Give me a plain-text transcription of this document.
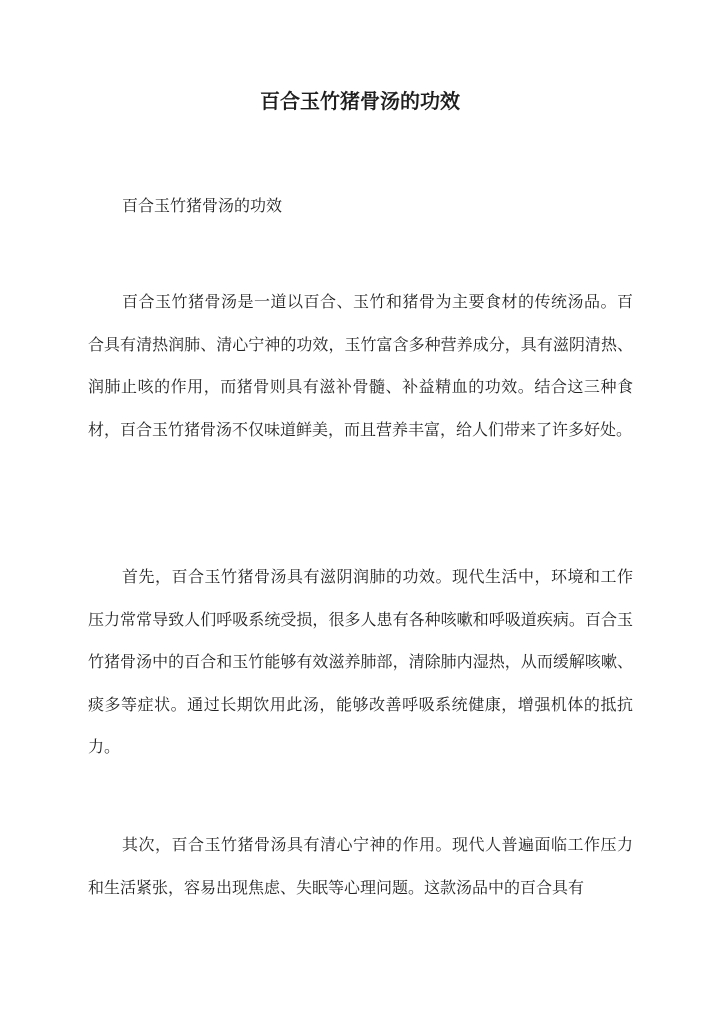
百合玉竹猪骨汤的功效

百合玉竹猪骨汤的功效

百合玉竹猪骨汤是一道以百合、玉竹和猪骨为主要食材的传统汤品。百合具有清热润肺、清心宁神的功效，玉竹富含多种营养成分，具有滋阴清热、润肺止咳的作用，而猪骨则具有滋补骨髓、补益精血的功效。结合这三种食材，百合玉竹猪骨汤不仅味道鲜美，而且营养丰富，给人们带来了许多好处。

首先，百合玉竹猪骨汤具有滋阴润肺的功效。现代生活中，环境和工作压力常常导致人们呼吸系统受损，很多人患有各种咳嗽和呼吸道疾病。百合玉竹猪骨汤中的百合和玉竹能够有效滋养肺部，清除肺内湿热，从而缓解咳嗽、痰多等症状。通过长期饮用此汤，能够改善呼吸系统健康，增强机体的抵抗力。

其次，百合玉竹猪骨汤具有清心宁神的作用。现代人普遍面临工作压力和生活紧张，容易出现焦虑、失眠等心理问题。这款汤品中的百合具有
